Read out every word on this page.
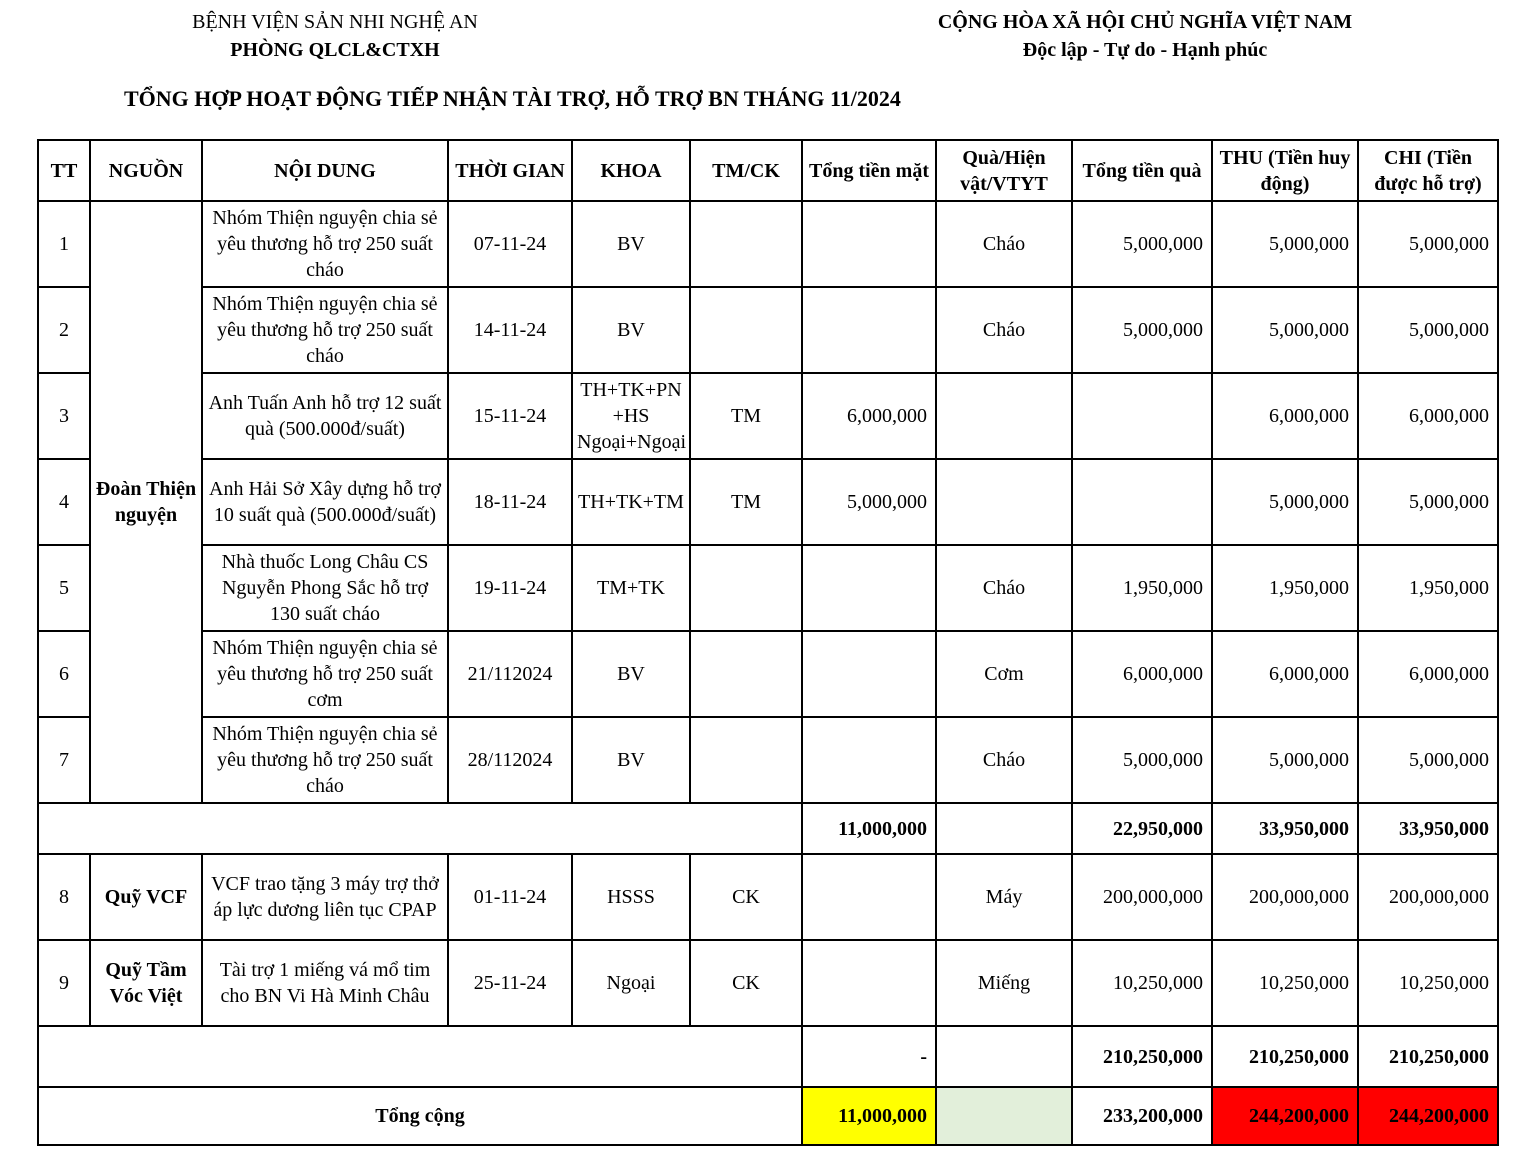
BỆNH VIỆN SẢN NHI NGHỆ AN
PHÒNG QLCL&CTXH
CỘNG HÒA XÃ HỘI CHỦ NGHĨA VIỆT NAM
Độc lập - Tự do - Hạnh phúc
TỔNG HỢP HOẠT ĐỘNG TIẾP NHẬN TÀI TRỢ, HỖ TRỢ BN THÁNG 11/2024
TT	NGUỒN	NỘI DUNG	THỜI GIAN	KHOA	TM/CK	Tổng tiền mặt	Quà/Hiện vật/VTYT	Tổng tiền quà	THU (Tiền huy động)	CHI (Tiền được hỗ trợ)
1	Đoàn Thiện nguyện	Nhóm Thiện nguyện chia sẻ yêu thương hỗ trợ 250 suất cháo	07-11-24	BV			Cháo	5,000,000	5,000,000	5,000,000
2		Nhóm Thiện nguyện chia sẻ yêu thương hỗ trợ 250 suất cháo	14-11-24	BV			Cháo	5,000,000	5,000,000	5,000,000
3		Anh Tuấn Anh hỗ trợ 12 suất quà (500.000đ/suất)	15-11-24	TH+TK+PN +HS Ngoại+Ngoại	TM	6,000,000			6,000,000	6,000,000
4		Anh Hải Sở Xây dựng hỗ trợ 10 suất quà (500.000đ/suất)	18-11-24	TH+TK+TM	TM	5,000,000			5,000,000	5,000,000
5		Nhà thuốc Long Châu CS Nguyễn Phong Sắc hỗ trợ 130 suất cháo	19-11-24	TM+TK			Cháo	1,950,000	1,950,000	1,950,000
6		Nhóm Thiện nguyện chia sẻ yêu thương hỗ trợ 250 suất cơm	21/112024	BV			Cơm	6,000,000	6,000,000	6,000,000
7		Nhóm Thiện nguyện chia sẻ yêu thương hỗ trợ 250 suất cháo	28/112024	BV			Cháo	5,000,000	5,000,000	5,000,000
						11,000,000		22,950,000	33,950,000	33,950,000
8	Quỹ VCF	VCF trao tặng 3 máy trợ thở áp lực dương liên tục CPAP	01-11-24	HSSS	CK		Máy	200,000,000	200,000,000	200,000,000
9	Quỹ Tầm Vóc Việt	Tài trợ 1 miếng vá mổ tim cho BN Vi Hà Minh Châu	25-11-24	Ngoại	CK		Miếng	10,250,000	10,250,000	10,250,000
						-		210,250,000	210,250,000	210,250,000
Tổng cộng						11,000,000		233,200,000	244,200,000	244,200,000
